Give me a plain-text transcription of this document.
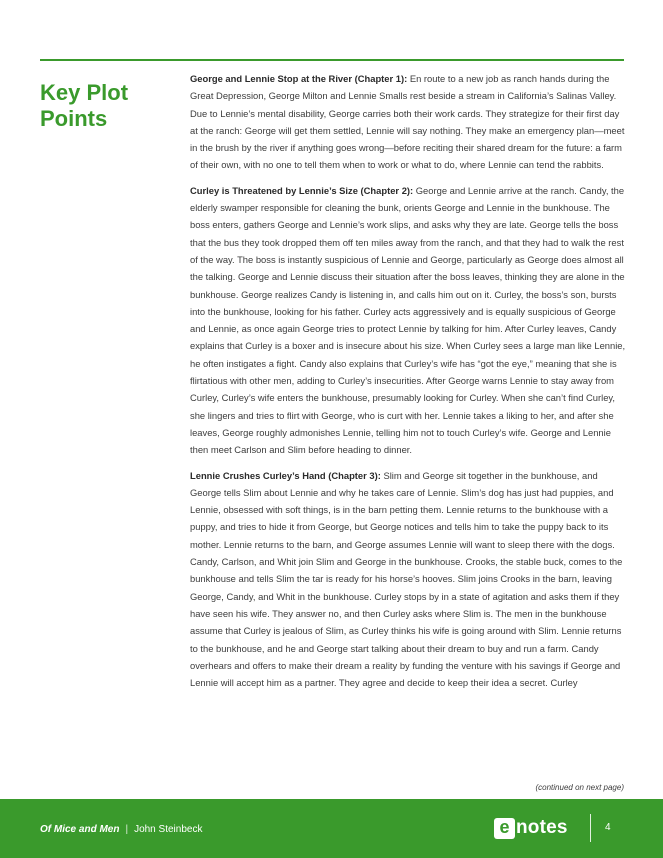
Key Plot Points

George and Lennie Stop at the River (Chapter 1): En route to a new job as ranch hands during the Great Depression, George Milton and Lennie Smalls rest beside a stream in California’s Salinas Valley. Due to Lennie’s mental disability, George carries both their work cards. They strategize for their first day at the ranch: George will get them settled, Lennie will say nothing. They make an emergency plan—meet in the brush by the river if anything goes wrong—before reciting their shared dream for the future: a farm of their own, with no one to tell them when to work or what to do, where Lennie can tend the rabbits.

Curley is Threatened by Lennie’s Size (Chapter 2): George and Lennie arrive at the ranch. Candy, the elderly swamper responsible for cleaning the bunk, orients George and Lennie in the bunkhouse. The boss enters, gathers George and Lennie’s work slips, and asks why they are late. George tells the boss that the bus they took dropped them off ten miles away from the ranch, and that they had to walk the rest of the way. The boss is instantly suspicious of Lennie and George, particularly as George does almost all the talking. George and Lennie discuss their situation after the boss leaves, thinking they are alone in the bunkhouse. George realizes Candy is listening in, and calls him out on it. Curley, the boss’s son, bursts into the bunkhouse, looking for his father. Curley acts aggressively and is equally suspicious of George and Lennie, as once again George tries to protect Lennie by talking for him. After Curley leaves, Candy explains that Curley is a boxer and is insecure about his size. When Curley sees a large man like Lennie, he often instigates a fight. Candy also explains that Curley’s wife has “got the eye,” meaning that she is flirtatious with other men, adding to Curley’s insecurities. After George warns Lennie to stay away from Curley, Curley’s wife enters the bunkhouse, presumably looking for Curley. When she can’t find Curley, she lingers and tries to flirt with George, who is curt with her. Lennie takes a liking to her, and after she leaves, George roughly admonishes Lennie, telling him not to touch Curley’s wife. George and Lennie then meet Carlson and Slim before heading to dinner.

Lennie Crushes Curley’s Hand (Chapter 3): Slim and George sit together in the bunkhouse, and George tells Slim about Lennie and why he takes care of Lennie. Slim’s dog has just had puppies, and Lennie, obsessed with soft things, is in the barn petting them. Lennie returns to the bunkhouse with a puppy, and tries to hide it from George, but George notices and tells him to take the puppy back to its mother. Lennie returns to the barn, and George assumes Lennie will want to sleep there with the dogs. Candy, Carlson, and Whit join Slim and George in the bunkhouse. Crooks, the stable buck, comes to the bunkhouse and tells Slim the tar is ready for his horse’s hooves. Slim joins Crooks in the barn, leaving George, Candy, and Whit in the bunkhouse. Curley stops by in a state of agitation and asks them if they have seen his wife. They answer no, and then Curley asks where Slim is. The men in the bunkhouse assume that Curley is jealous of Slim, as Curley thinks his wife is going around with Slim. Lennie returns to the bunkhouse, and he and George start talking about their dream to buy and run a farm. Candy overhears and offers to make their dream a reality by funding the venture with his savings if George and Lennie will accept him as a partner. They agree and decide to keep their idea a secret. Curley

(continued on next page)
Of Mice and Men | John Steinbeck	e notes	4
